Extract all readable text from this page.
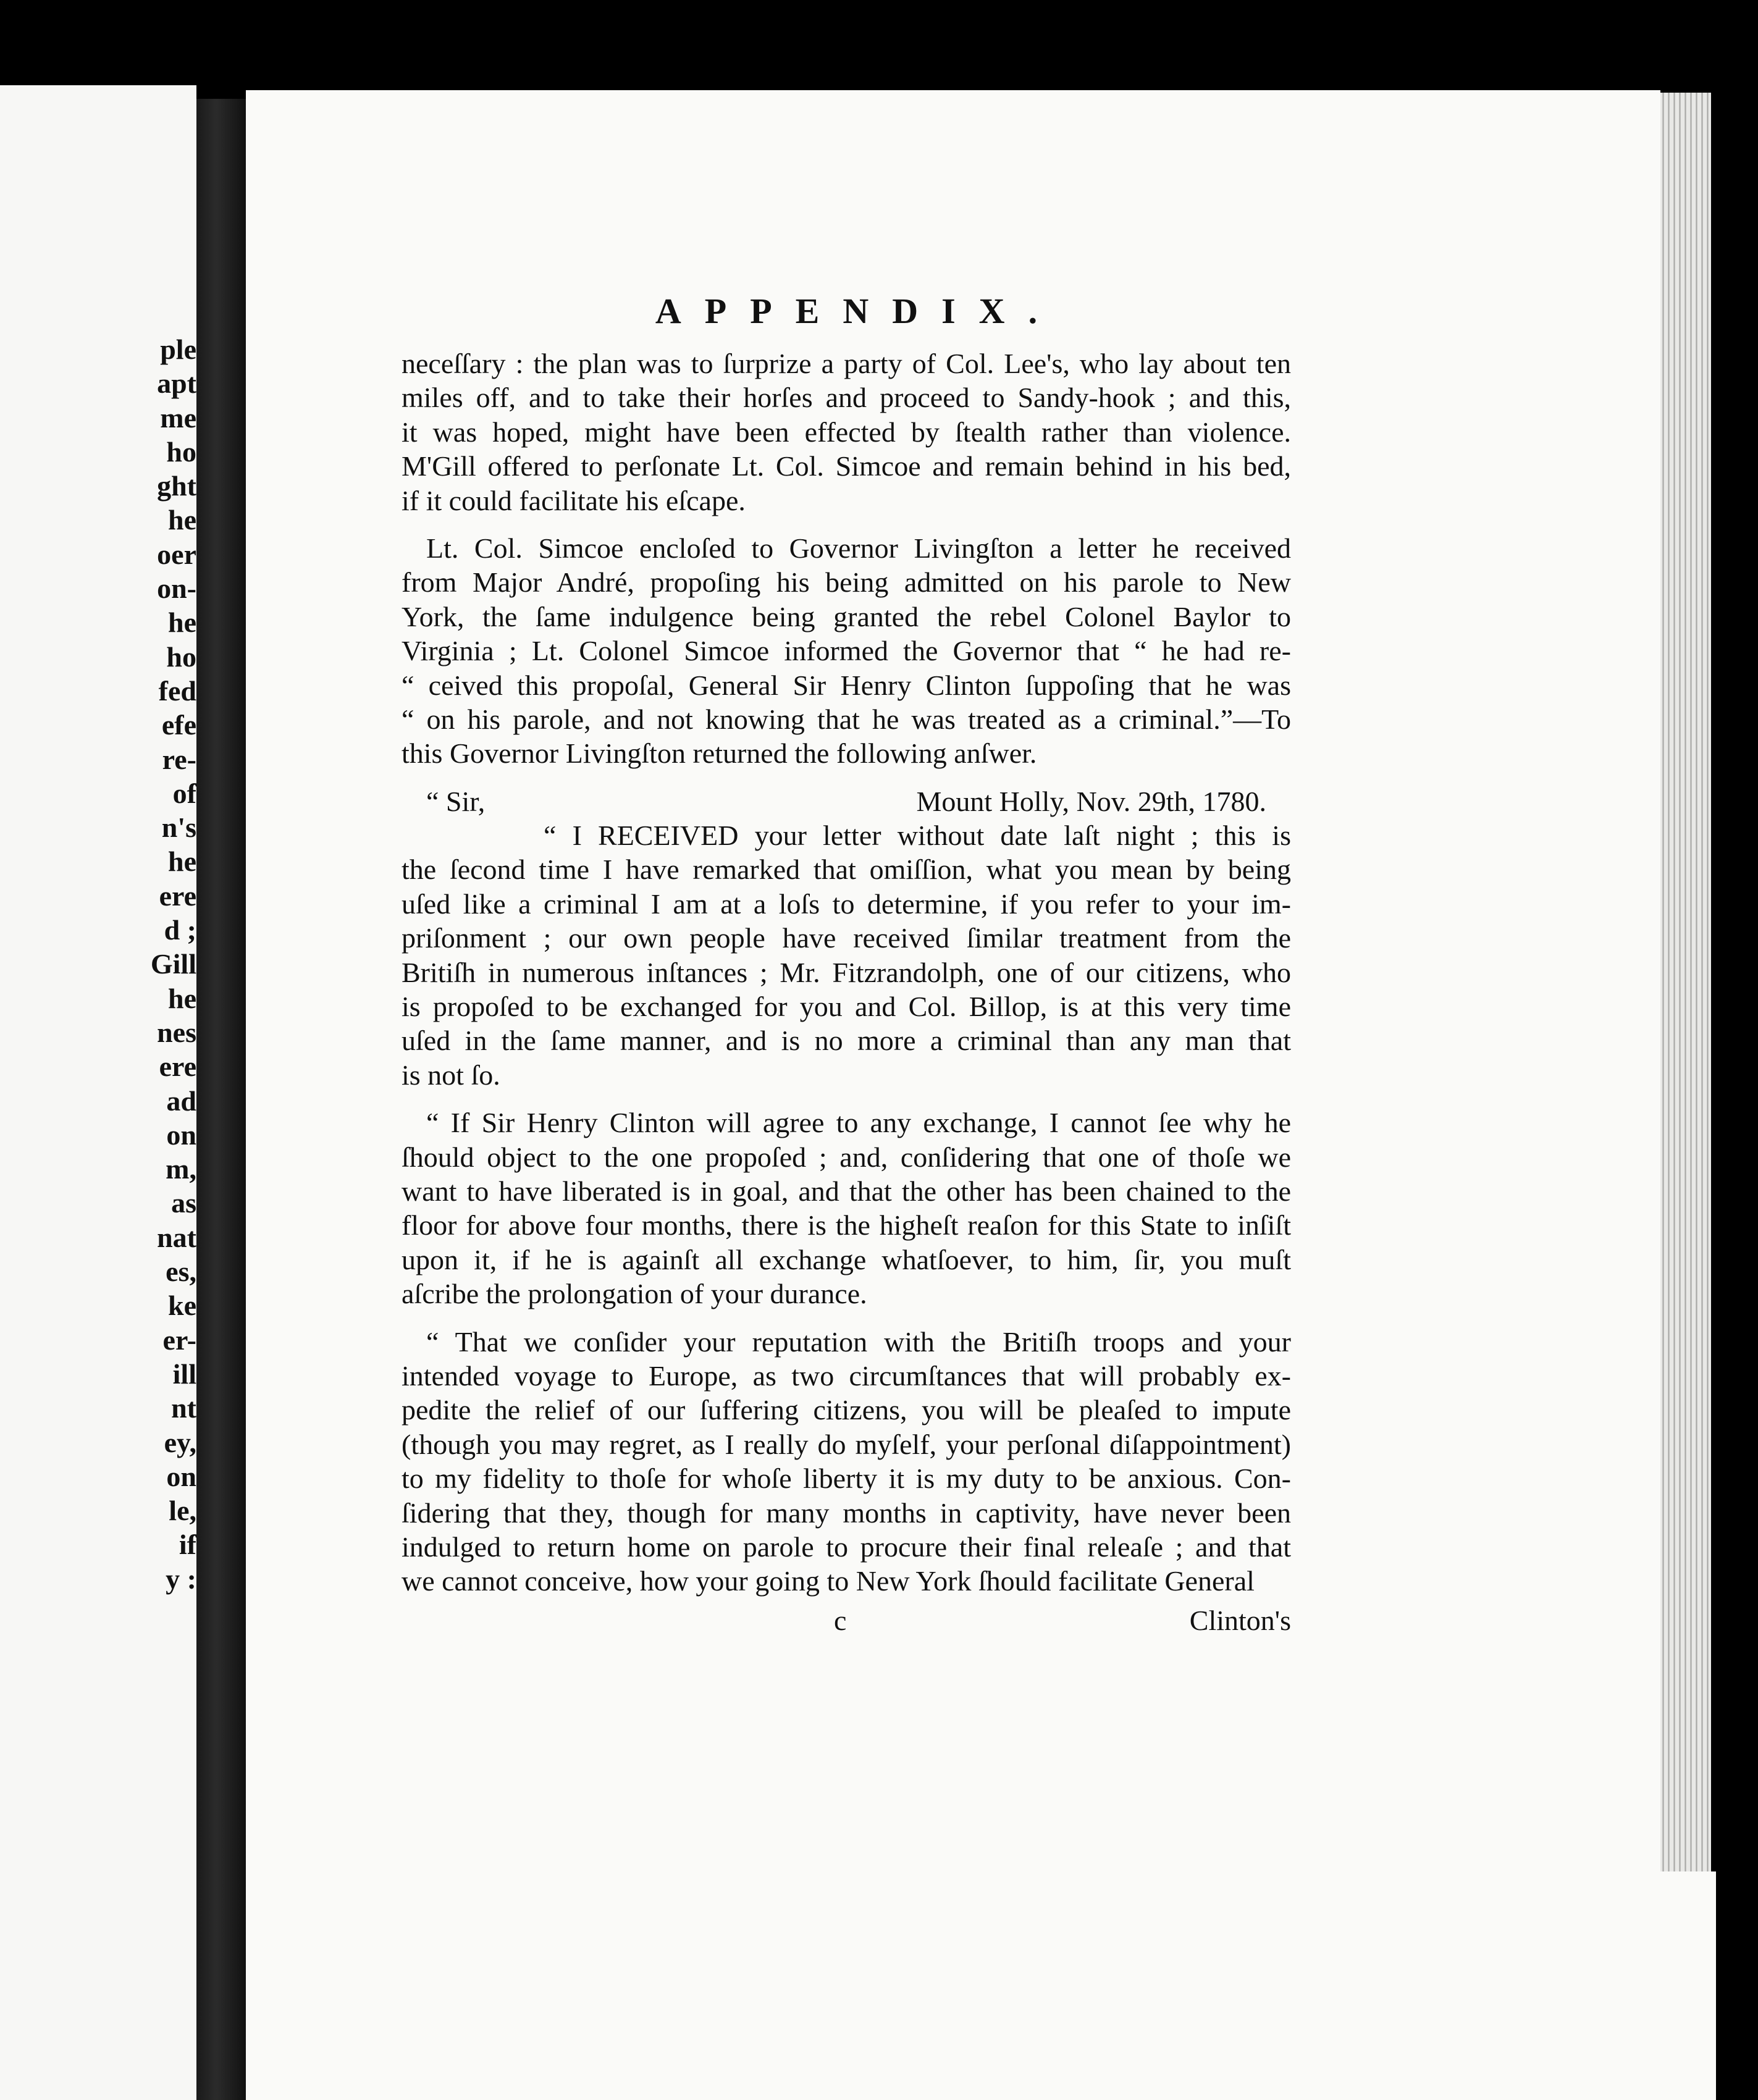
ple
apt
me
ho
ght
he
oer
on-
he
ho
fed
efe
re-
of
n's
he
ere
d ;
Gill
he
nes
ere
ad
on
m,
as
nat
es,
ke
er-
ill
nt
ey,
on
le,
if
y :
APPENDIX.
neceſſary : the plan was to ſurprize a party of Col. Lee's, who lay about ten
miles off, and to take their horſes and proceed to Sandy-hook ; and this,
it was hoped, might have been effected by ſtealth rather than violence.
M'Gill offered to perſonate Lt. Col. Simcoe and remain behind in his bed,
if it could facilitate his eſcape.
Lt. Col. Simcoe encloſed to Governor Livingſton a letter he received
from Major André, propoſing his being admitted on his parole to New
York, the ſame indulgence being granted the rebel Colonel Baylor to
Virginia ; Lt. Colonel Simcoe informed the Governor that “ he had re-
“ ceived this propoſal, General Sir Henry Clinton ſuppoſing that he was
“ on his parole, and not knowing that he was treated as a criminal.”—To
this Governor Livingſton returned the following anſwer.
“ Sir,	Mount Holly, Nov. 29th, 1780.
“ I RECEIVED your letter without date laſt night ; this is
the ſecond time I have remarked that omiſſion, what you mean by being
uſed like a criminal I am at a loſs to determine, if you refer to your im-
priſonment ; our own people have received ſimilar treatment from the
Britiſh in numerous inſtances ; Mr. Fitzrandolph, one of our citizens, who
is propoſed to be exchanged for you and Col. Billop, is at this very time
uſed in the ſame manner, and is no more a criminal than any man that
is not ſo.
“ If Sir Henry Clinton will agree to any exchange, I cannot ſee why he
ſhould object to the one propoſed ; and, conſidering that one of thoſe we
want to have liberated is in goal, and that the other has been chained to the
floor for above four months, there is the higheſt reaſon for this State to inſiſt
upon it, if he is againſt all exchange whatſoever, to him, ſir, you muſt
aſcribe the prolongation of your durance.
“ That we conſider your reputation with the Britiſh troops and your
intended voyage to Europe, as two circumſtances that will probably ex-
pedite the relief of our ſuffering citizens, you will be pleaſed to impute
(though you may regret, as I really do myſelf, your perſonal diſappointment)
to my fidelity to thoſe for whoſe liberty it is my duty to be anxious. Con-
ſidering that they, though for many months in captivity, have never been
indulged to return home on parole to procure their final releaſe ; and that
we cannot conceive, how your going to New York ſhould facilitate General
c	Clinton's
